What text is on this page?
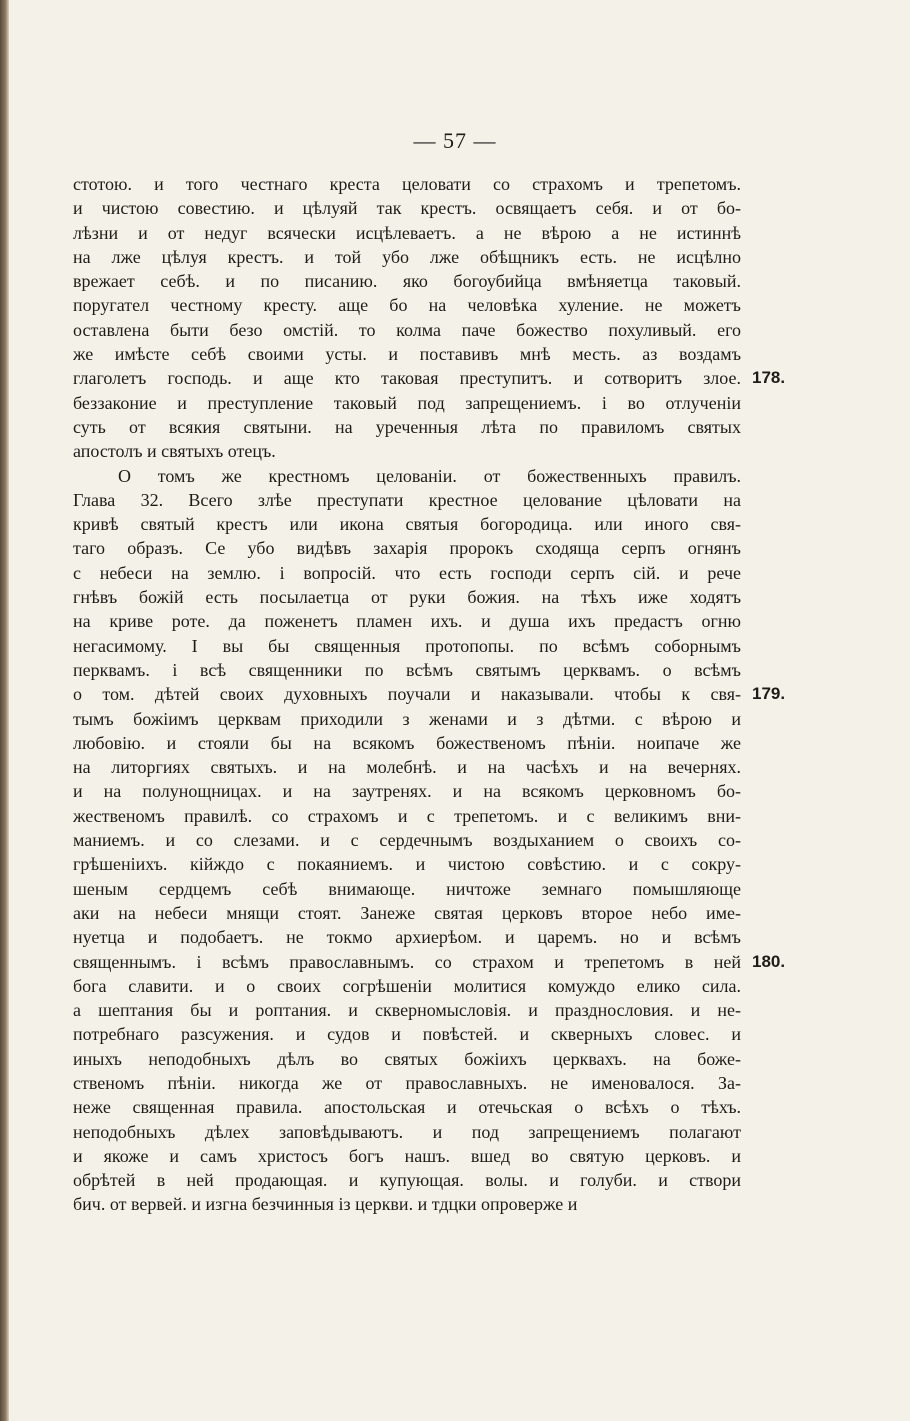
— 57 —
стотою. и того честнаго креста целовати со страхомъ и трепетомъ.
и чистою совестию. и цѣлуяй так крестъ. освящаетъ себя. и от бо-
лѣзни и от недуг всячески исцѣлеваетъ. а не вѣрою а не истиннѣ
на лже цѣлуя крестъ. и той убо лже обѣщникъ есть. не исцѣлно
врежает себѣ. и по писанию. яко богоубийца вмѣняетца таковый.
поругател честному кресту. аще бо на человѣка хуление. не можетъ
оставлена быти безо омстій. то колма паче божество похуливый. его
же имѣсте себѣ своими усты. и поставивъ мнѣ месть. аз воздамъ
глаголетъ господь. и аще кто таковая преступитъ. и сотворитъ злое.
беззаконие и преступление таковый под запрещениемъ. і во отлученіи
суть от всякия святыни. на уреченныя лѣта по правиломъ святых
апостолъ и святыхъ отецъ.
О томъ же крестномъ целованіи. от божественныхъ правилъ.
Глава 32. Всего злѣе преступати крестное целование цѣловати на
кривѣ святый крестъ или икона святыя богородица. или иного свя-
таго образъ. Се убо видѣвъ захарія пророкъ сходяща серпъ огнянъ
с небеси на землю. і вопросій. что есть господи серпъ сій. и рече
гнѣвъ божій есть посылаетца от руки божия. на тѣхъ иже ходятъ
на криве роте. да поженетъ пламен ихъ. и душа ихъ предастъ огню
негасимому. І вы бы священныя протопопы. по всѣмъ соборнымъ
перквамъ. і всѣ священники по всѣмъ святымъ церквамъ. о всѣмъ
о том. дѣтей своих духовныхъ поучали и наказывали. чтобы к свя-
тымъ божіимъ церквам приходили з женами и з дѣтми. с вѣрою и
любовію. и стояли бы на всякомъ божественомъ пѣніи. ноипаче же
на литоргиях святыхъ. и на молебнѣ. и на часѣхъ и на вечернях.
и на полунощницах. и на заутренях. и на всякомъ церковномъ бо-
жественомъ правилѣ. со страхомъ и с трепетомъ. и с великимъ вни-
маниемъ. и со слезами. и с сердечнымъ воздыханием о своихъ со-
грѣшеніихъ. кійждо с покаяниемъ. и чистою совѣстию. и с сокру-
шеным сердцемъ себѣ внимающе. ничтоже земнаго помышляюще
аки на небеси мнящи стоят. Занеже святая церковъ второе небо име-
нуетца и подобаетъ. не токмо архиерѣом. и царемъ. но и всѣмъ
священнымъ. і всѣмъ православнымъ. со страхом и трепетомъ в ней
бога славити. и о своих согрѣшеніи молитися комуждо елико сила.
а шептания бы и роптания. и скверномысловія. и празднословия. и не-
потребнаго разсужения. и судов и повѣстей. и скверныхъ словес. и
иныхъ неподобныхъ дѣлъ во святых божіихъ церквахъ. на боже-
ственомъ пѣніи. никогда же от православныхъ. не именовалося. За-
неже священная правила. апостольская и отечьская о всѣхъ о тѣхъ.
неподобныхъ дѣлех заповѣдываютъ. и под запрещениемъ полагают
и якоже и самъ христосъ богъ нашъ. вшед во святую церковъ. и
обрѣтей в ней продающая. и купующая. волы. и голуби. и створи
бич. от вервей. и изгна безчинныя із церкви. и тдцки опроверже и
178.
179.
180.
